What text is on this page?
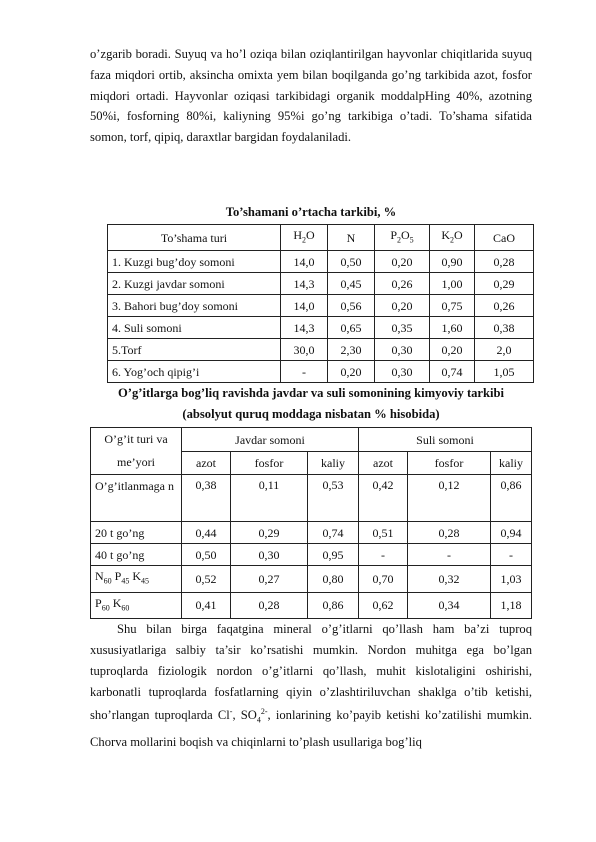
o’zgarib boradi. Suyuq va ho’l oziqa bilan oziqlantirilgan hayvonlar chiqitlarida suyuq faza miqdori ortib, aksincha omixta yem bilan boqilganda go’ng tarkibida azot, fosfor miqdori ortadi. Hayvonlar oziqasi tarkibidagi organik moddalpHing 40%, azotning 50%i, fosforning 80%i, kaliyning 95%i go’ng tarkibiga o’tadi. To’shama sifatida somon, torf, qipiq, daraxtlar bargidan foydalaniladi.

To’shamani o’rtacha tarkibi, %
To’shama turi	$H_2O$	N	$P_2O_5$	$K_2O$	CaO
1. Kuzgi bug’doy somoni	14,0	0,50	0,20	0,90	0,28
2. Kuzgi javdar somoni	14,3	0,45	0,26	1,00	0,29
3. Bahori bug’doy somoni	14,0	0,56	0,20	0,75	0,26
4. Suli somoni	14,3	0,65	0,35	1,60	0,38
5.Torf	30,0	2,30	0,30	0,20	2,0
6. Yog’och qipig’i	-	0,20	0,30	0,74	1,05
O’g’itlarga bog’liq ravishda javdar va suli somonining kimyoviy tarkibi
(absolyut quruq moddaga nisbatan % hisobida)
O’g’it turi va me’yori	Javdar somoni			Suli somoni		
	azot	fosfor	kaliy	azot	fosfor	kaliy
O’g’itlanmaga n	0,38	0,11	0,53	0,42	0,12	0,86
20 t go’ng	0,44	0,29	0,74	0,51	0,28	0,94
40 t go’ng	0,50	0,30	0,95	-	-	-
$N_{60}$ $P_{45}$ $K_{45}$	0,52	0,27	0,80	0,70	0,32	1,03
$P_{60}$ $K_{60}$	0,41	0,28	0,86	0,62	0,34	1,18

Shu bilan birga faqatgina mineral o’g’itlarni qo’llash ham ba’zi tuproq xususiyatlariga salbiy ta’sir ko’rsatishi mumkin. Nordon muhitga ega bo’lgan tuproqlarda fiziologik nordon o’g’itlarni qo’llash, muhit kislotaligini oshirishi, karbonatli tuproqlarda fosfatlarning qiyin o’zlashtiriluvchan shaklga o’tib ketishi, sho’rlangan tuproqlarda Cl-, $SO_4^{2-}$, ionlarining ko’payib ketishi ko’zatilishi mumkin. Chorva mollarini boqish va chiqinlarni to’plash usullariga bog’liq
